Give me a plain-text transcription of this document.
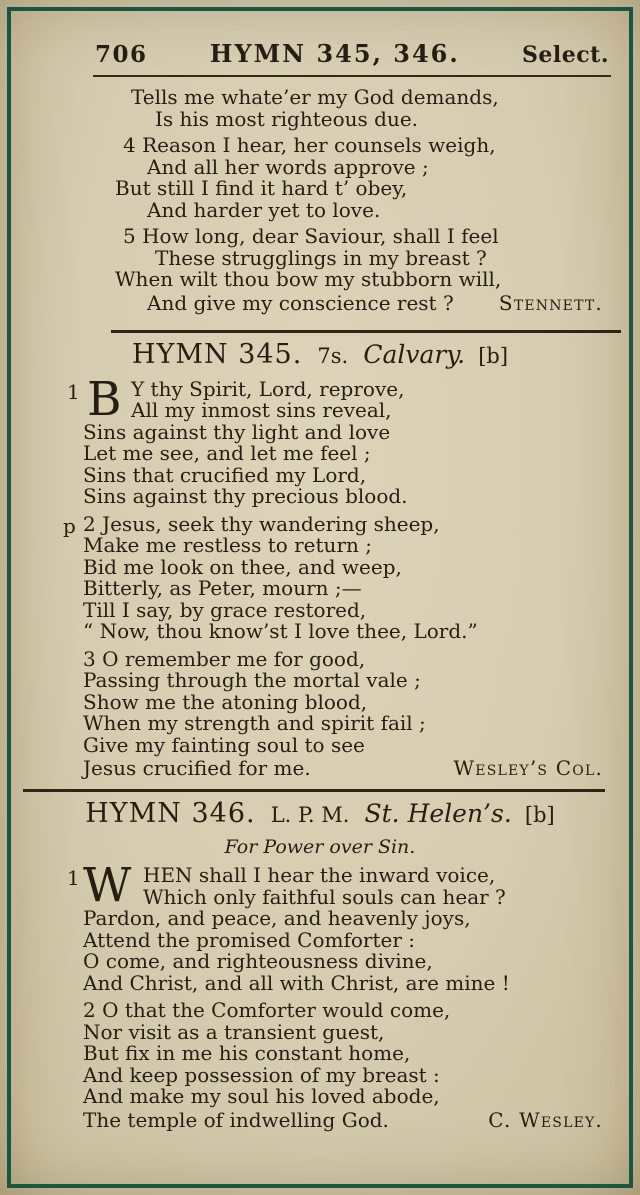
706	HYMN 345, 346.	Select.
Tells me whate’er my God demands,
Is his most righteous due.
4 Reason I hear, her counsels weigh,
And all her words approve ;
But still I find it hard t’ obey,
And harder yet to love.
5 How long, dear Saviour, shall I feel
These strugglings in my breast ?
When wilt thou bow my stubborn will,
And give my conscience rest ? Stennett.
HYMN 345. 7s. Calvary. [b]
1 B Y thy Spirit, Lord, reprove,
All my inmost sins reveal,
Sins against thy light and love
Let me see, and let me feel ;
Sins that crucified my Lord,
Sins against thy precious blood.
p 2 Jesus, seek thy wandering sheep,
Make me restless to return ;
Bid me look on thee, and weep,
Bitterly, as Peter, mourn ;—
Till I say, by grace restored,
“ Now, thou know’st I love thee, Lord.”
3 O remember me for good,
Passing through the mortal vale ;
Show me the atoning blood,
When my strength and spirit fail ;
Give my fainting soul to see
Jesus crucified for me.	Wesley’s Col.
HYMN 346. L. P. M. St. Helen’s. [b]
For Power over Sin.
1 W HEN shall I hear the inward voice,
Which only faithful souls can hear ?
Pardon, and peace, and heavenly joys,
Attend the promised Comforter :
O come, and righteousness divine,
And Christ, and all with Christ, are mine !
2 O that the Comforter would come,
Nor visit as a transient guest,
But fix in me his constant home,
And keep possession of my breast :
And make my soul his loved abode,
The temple of indwelling God.	C. Wesley.
